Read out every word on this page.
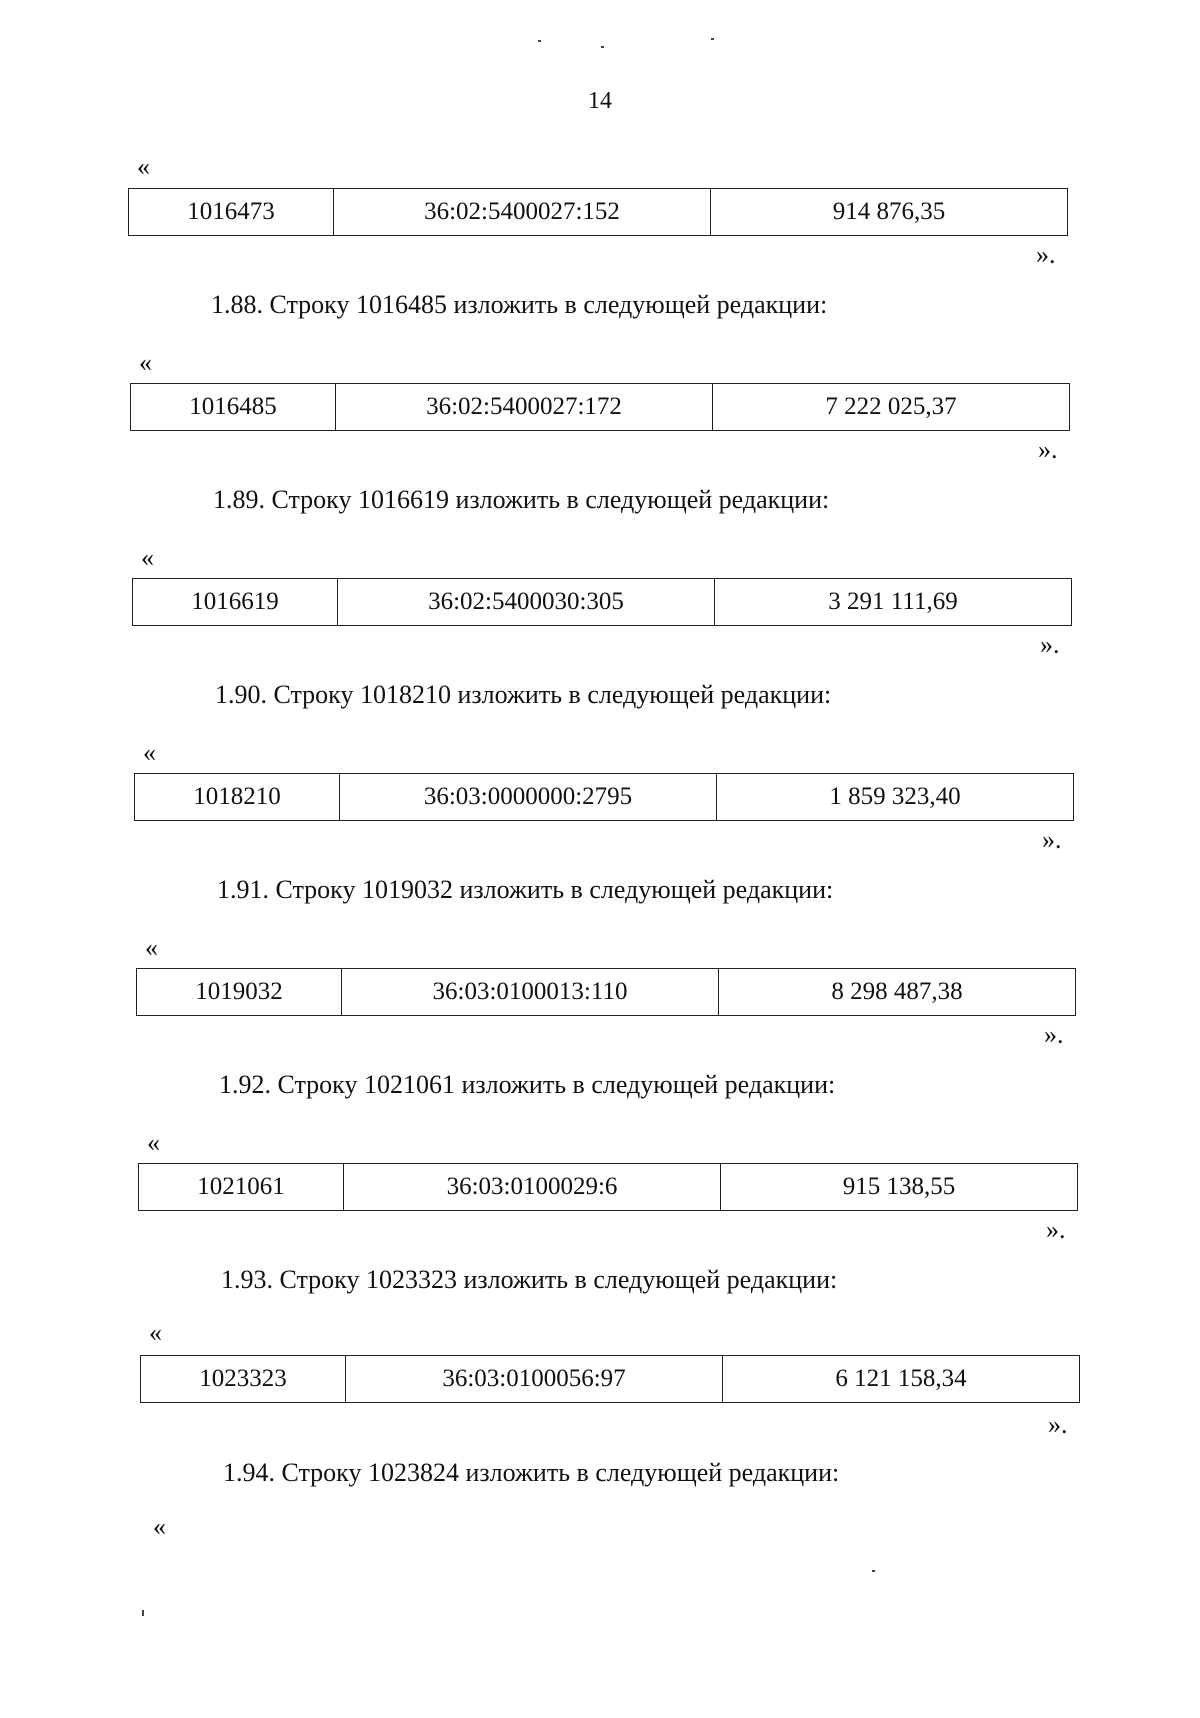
14
«
1016473	36:02:5400027:152	914 876,35
».
1.88. Строку 1016485 изложить в следующей редакции:
«
1016485	36:02:5400027:172	7 222 025,37
».
1.89. Строку 1016619 изложить в следующей редакции:
«
1016619	36:02:5400030:305	3 291 111,69
».
1.90. Строку 1018210 изложить в следующей редакции:
«
1018210	36:03:0000000:2795	1 859 323,40
».
1.91. Строку 1019032 изложить в следующей редакции:
«
1019032	36:03:0100013:110	8 298 487,38
».
1.92. Строку 1021061 изложить в следующей редакции:
«
1021061	36:03:0100029:6	915 138,55
».
1.93. Строку 1023323 изложить в следующей редакции:
«
1023323	36:03:0100056:97	6 121 158,34
».
1.94. Строку 1023824 изложить в следующей редакции:
«
